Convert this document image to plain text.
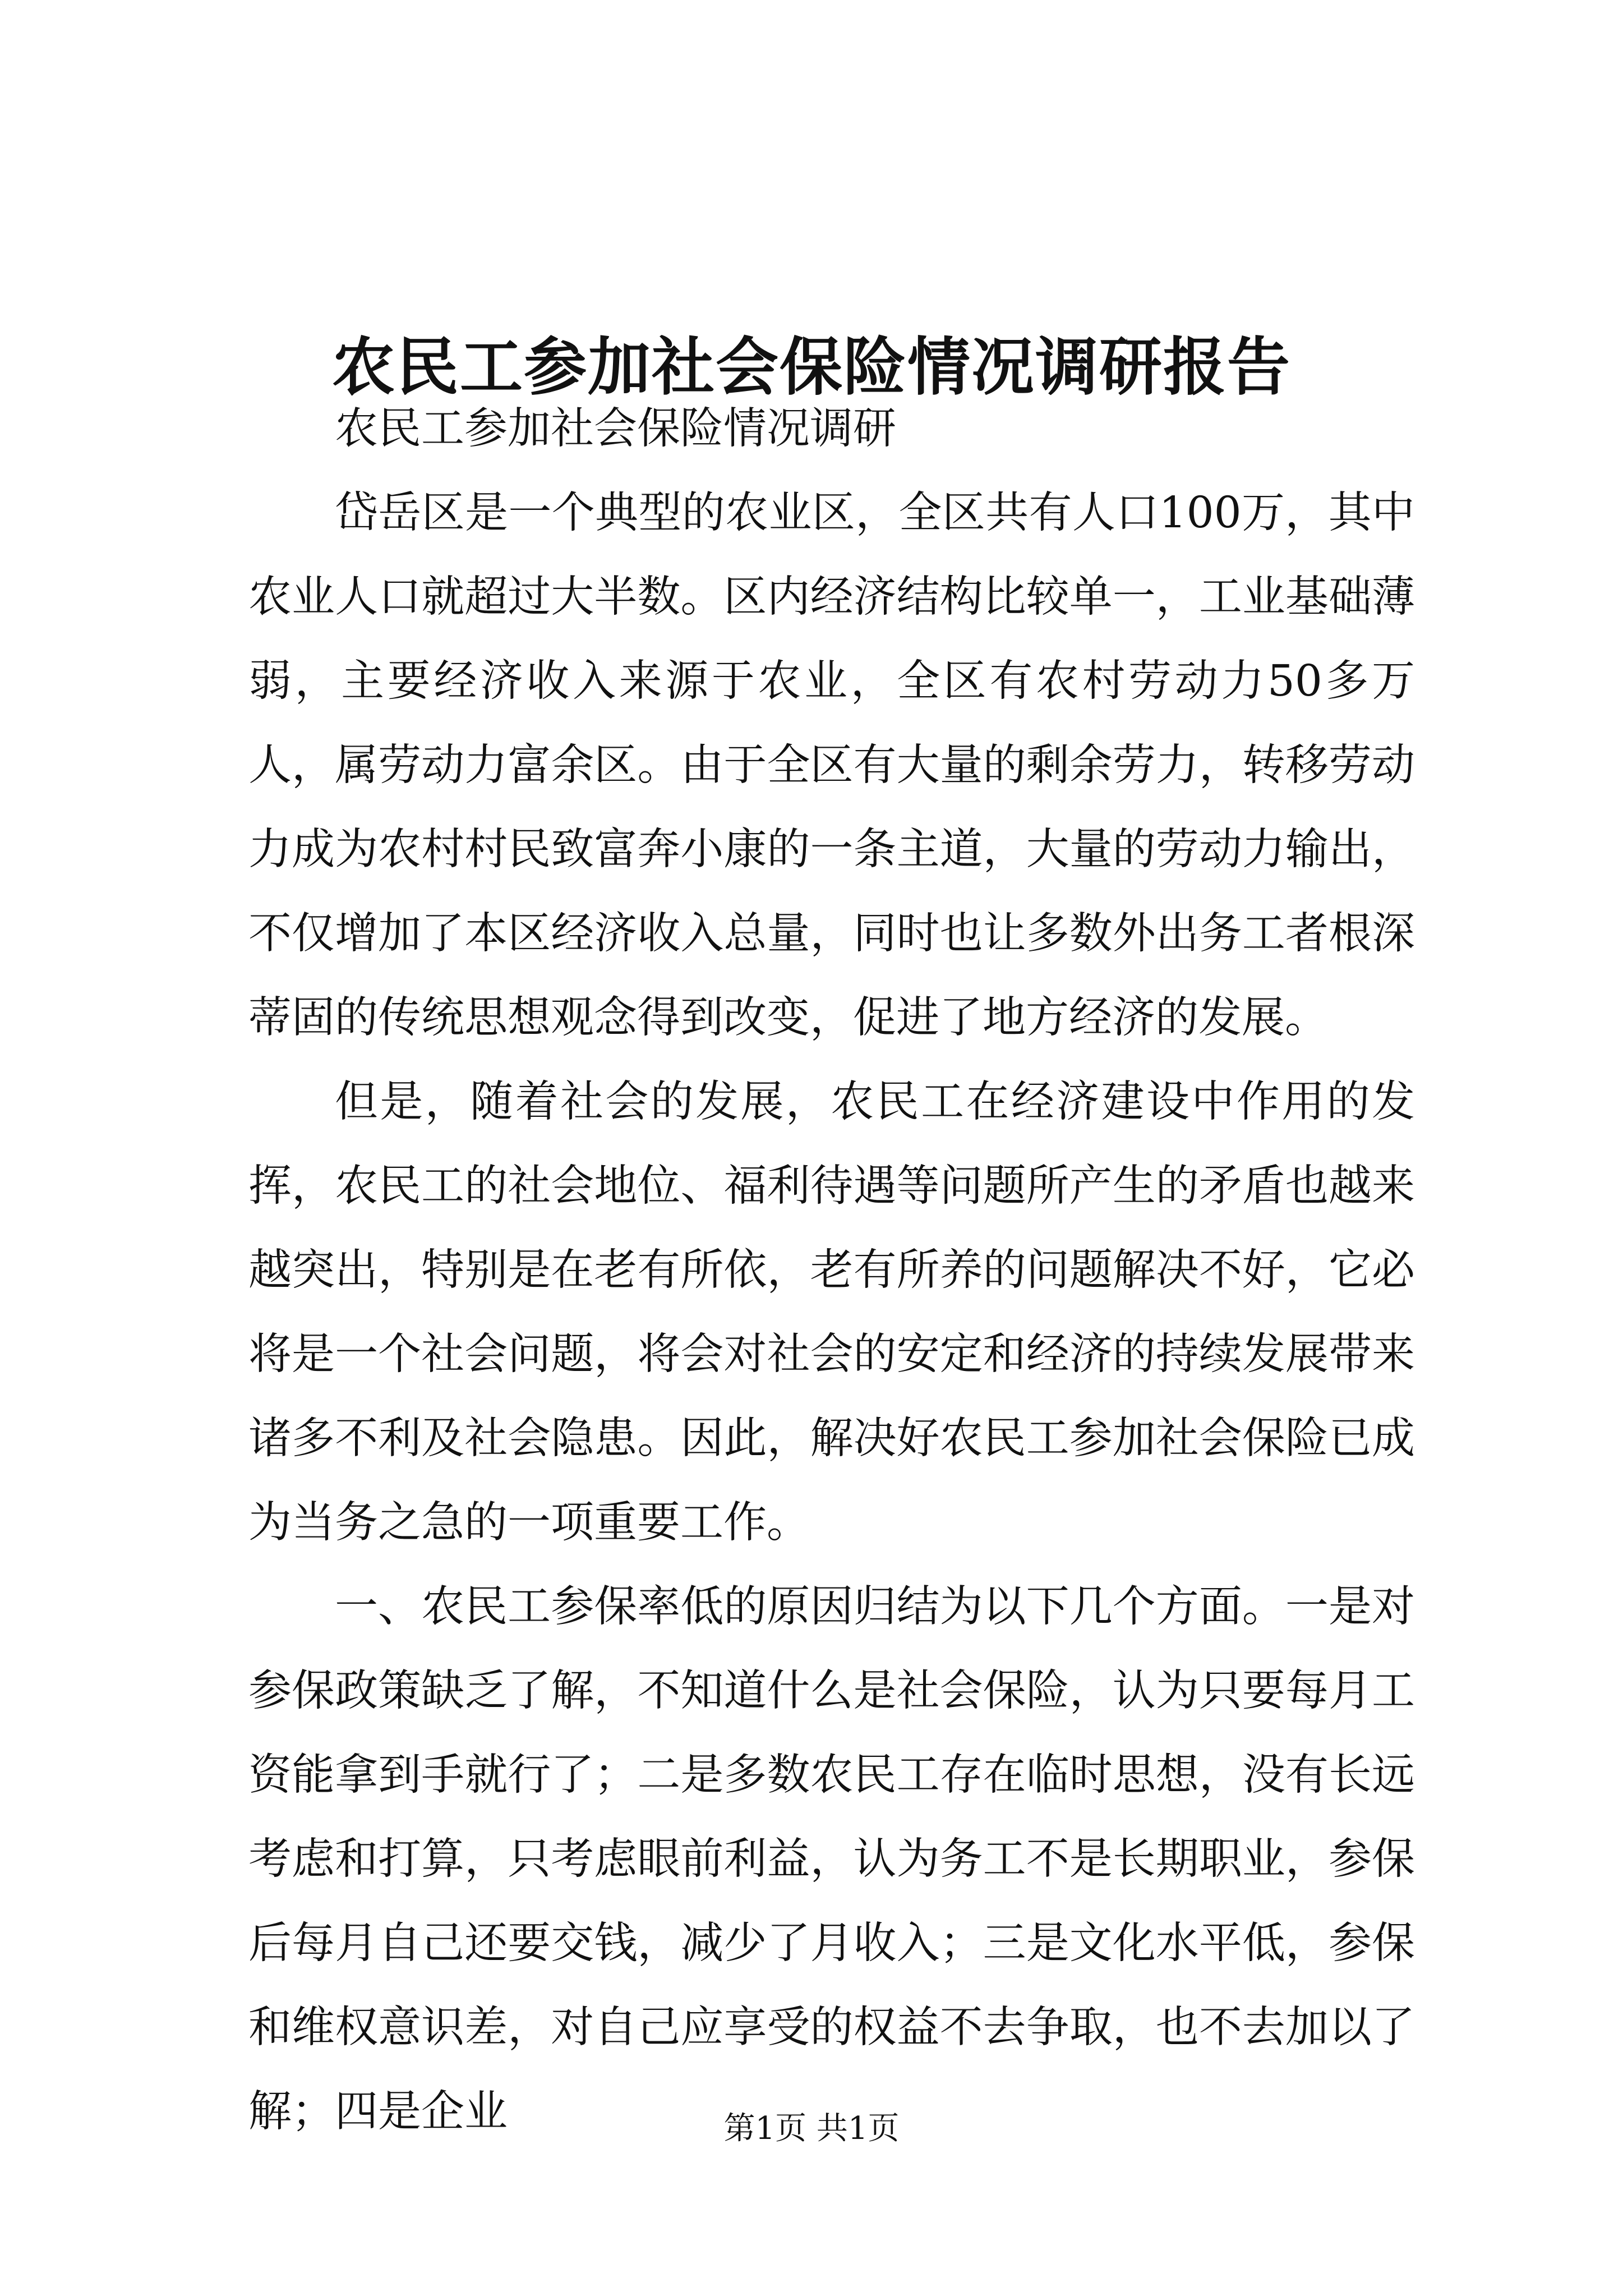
农民工参加社会保险情况调研报告

农民工参加社会保险情况调研

岱岳区是一个典型的农业区，全区共有人口100万，其中农业人口就超过大半数。区内经济结构比较单一，工业基础薄弱，主要经济收入来源于农业，全区有农村劳动力50多万人，属劳动力富余区。由于全区有大量的剩余劳力，转移劳动力成为农村村民致富奔小康的一条主道，大量的劳动力输出，不仅增加了本区经济收入总量，同时也让多数外出务工者根深蒂固的传统思想观念得到改变，促进了地方经济的发展。

但是，随着社会的发展，农民工在经济建设中作用的发挥，农民工的社会地位、福利待遇等问题所产生的矛盾也越来越突出，特别是在老有所依，老有所养的问题解决不好，它必将是一个社会问题，将会对社会的安定和经济的持续发展带来诸多不利及社会隐患。因此，解决好农民工参加社会保险已成为当务之急的一项重要工作。

一、农民工参保率低的原因归结为以下几个方面。一是对参保政策缺乏了解，不知道什么是社会保险，认为只要每月工资能拿到手就行了；二是多数农民工存在临时思想，没有长远考虑和打算，只考虑眼前利益，认为务工不是长期职业，参保后每月自己还要交钱，减少了月收入；三是文化水平低，参保和维权意识差，对自己应享受的权益不去争取，也不去加以了解；四是企业	第1页 共1页
